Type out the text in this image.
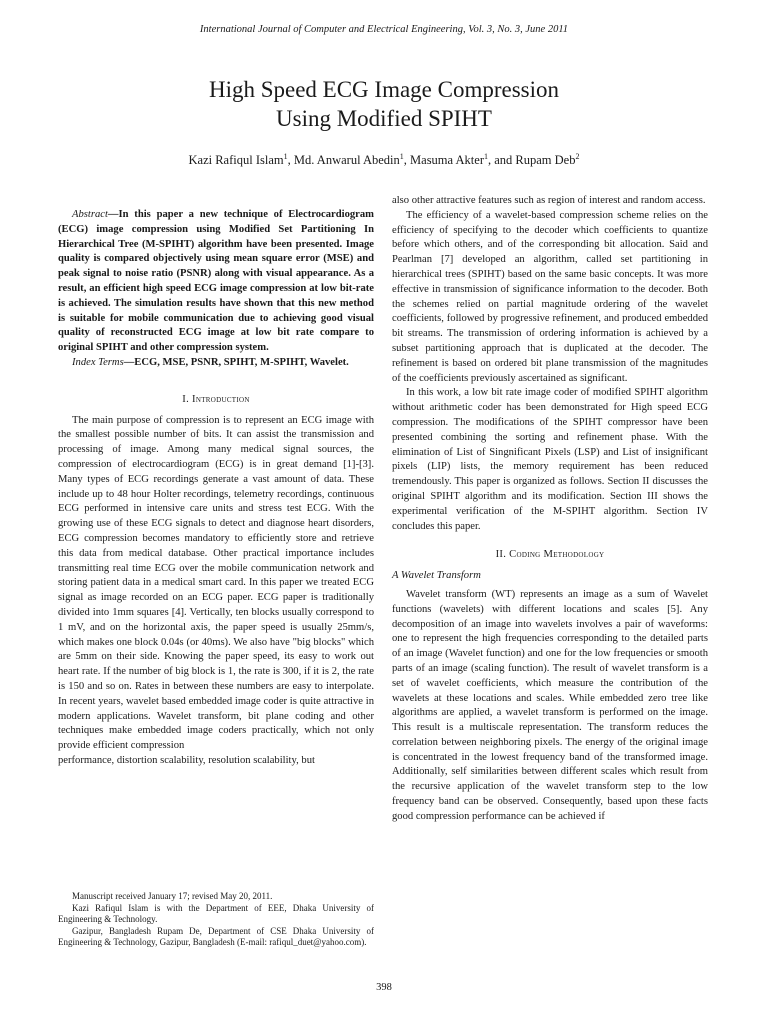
International Journal of Computer and Electrical Engineering, Vol. 3, No. 3, June 2011
High Speed ECG Image Compression
Using Modified SPIHT
Kazi Rafiqul Islam$^1$, Md. Anwarul Abedin$^1$, Masuma Akter$^1$, and Rupam Deb$^2$

Abstract—In this paper a new technique of Electrocardiogram (ECG) image compression using Modified Set Partitioning In Hierarchical Tree (M-SPIHT) algorithm have been presented. Image quality is compared objectively using mean square error (MSE) and peak signal to noise ratio (PSNR) along with visual appearance. As a result, an efficient high speed ECG image compression at low bit-rate is achieved. The simulation results have shown that this new method is suitable for mobile communication due to achieving good visual quality of reconstructed ECG image at low bit rate compare to original SPIHT and other compression system.

Index Terms—ECG, MSE, PSNR, SPIHT, M-SPIHT, Wavelet.

I. Introduction

The main purpose of compression is to represent an ECG image with the smallest possible number of bits. It can assist the transmission and processing of image. Among many medical signal sources, the compression of electrocardiogram (ECG) is in great demand [1]-[3]. Many types of ECG recordings generate a vast amount of data. These include up to 48 hour Holter recordings, telemetry recordings, continuous ECG performed in intensive care units and stress test ECG. With the growing use of these ECG signals to detect and diagnose heart disorders, ECG compression becomes mandatory to efficiently store and retrieve this data from medical database. Other practical importance includes transmitting real time ECG over the mobile communication network and storing patient data in a medical smart card. In this paper we treated ECG signal as image recorded on an ECG paper. ECG paper is traditionally divided into 1mm squares [4]. Vertically, ten blocks usually correspond to 1 mV, and on the horizontal axis, the paper speed is usually 25mm/s, which makes one block 0.04s (or 40ms). We also have "big blocks" which are 5mm on their side. Knowing the paper speed, its easy to work out heart rate. If the number of big block is 1, the rate is 300, if it is 2, the rate is 150 and so on. Rates in between these numbers are easy to interpolate. In recent years, wavelet based embedded image coder is quite attractive in modern applications. Wavelet transform, bit plane coding and other techniques make embedded image coders practically, which not only provide efficient compression

performance, distortion scalability, resolution scalability, but

Manuscript received January 17; revised May 20, 2011.

Kazi Rafiqul Islam is with the Department of EEE, Dhaka University of Engineering & Technology.

Gazipur, Bangladesh Rupam De, Department of CSE Dhaka University of Engineering & Technology, Gazipur, Bangladesh (E-mail: rafiqul_duet@yahoo.com).

also other attractive features such as region of interest and random access.

The efficiency of a wavelet-based compression scheme relies on the efficiency of specifying to the decoder which coefficients to quantize before which others, and of the corresponding bit allocation. Said and Pearlman [7] developed an algorithm, called set partitioning in hierarchical trees (SPIHT) based on the same basic concepts. It was more effective in transmission of significance information to the decoder. Both the schemes relied on partial magnitude ordering of the wavelet coefficients, followed by progressive refinement, and produced embedded bit streams. The transmission of ordering information is achieved by a subset partitioning approach that is duplicated at the decoder. The refinement is based on ordered bit plane transmission of the magnitudes of the coefficients previously ascertained as significant.

In this work, a low bit rate image coder of modified SPIHT algorithm without arithmetic coder has been demonstrated for High speed ECG compression. The modifications of the SPIHT compressor have been presented combining the sorting and refinement phase. With the elimination of List of Singnificant Pixels (LSP) and List of insignificant pixels (LIP) lists, the memory requirement has been reduced tremendously. This paper is organized as follows. Section II discusses the original SPIHT algorithm and its modification. Section III shows the experimental verification of the M-SPIHT algorithm. Section IV concludes this paper.

II. Coding Methodology
A Wavelet Transform

Wavelet transform (WT) represents an image as a sum of Wavelet functions (wavelets) with different locations and scales [5]. Any decomposition of an image into wavelets involves a pair of waveforms: one to represent the high frequencies corresponding to the detailed parts of an image (Wavelet function) and one for the low frequencies or smooth parts of an image (scaling function). The result of wavelet transform is a set of wavelet coefficients, which measure the contribution of the wavelets at these locations and scales. While embedded zero tree like algorithms are applied, a wavelet transform is performed on the image. This result is a multiscale representation. The transform reduces the correlation between neighboring pixels. The energy of the original image is concentrated in the lowest frequency band of the transformed image. Additionally, self similarities between different scales which result from the recursive application of the wavelet transform step to the low frequency band can be observed. Consequently, based upon these facts good compression performance can be achieved if

398
